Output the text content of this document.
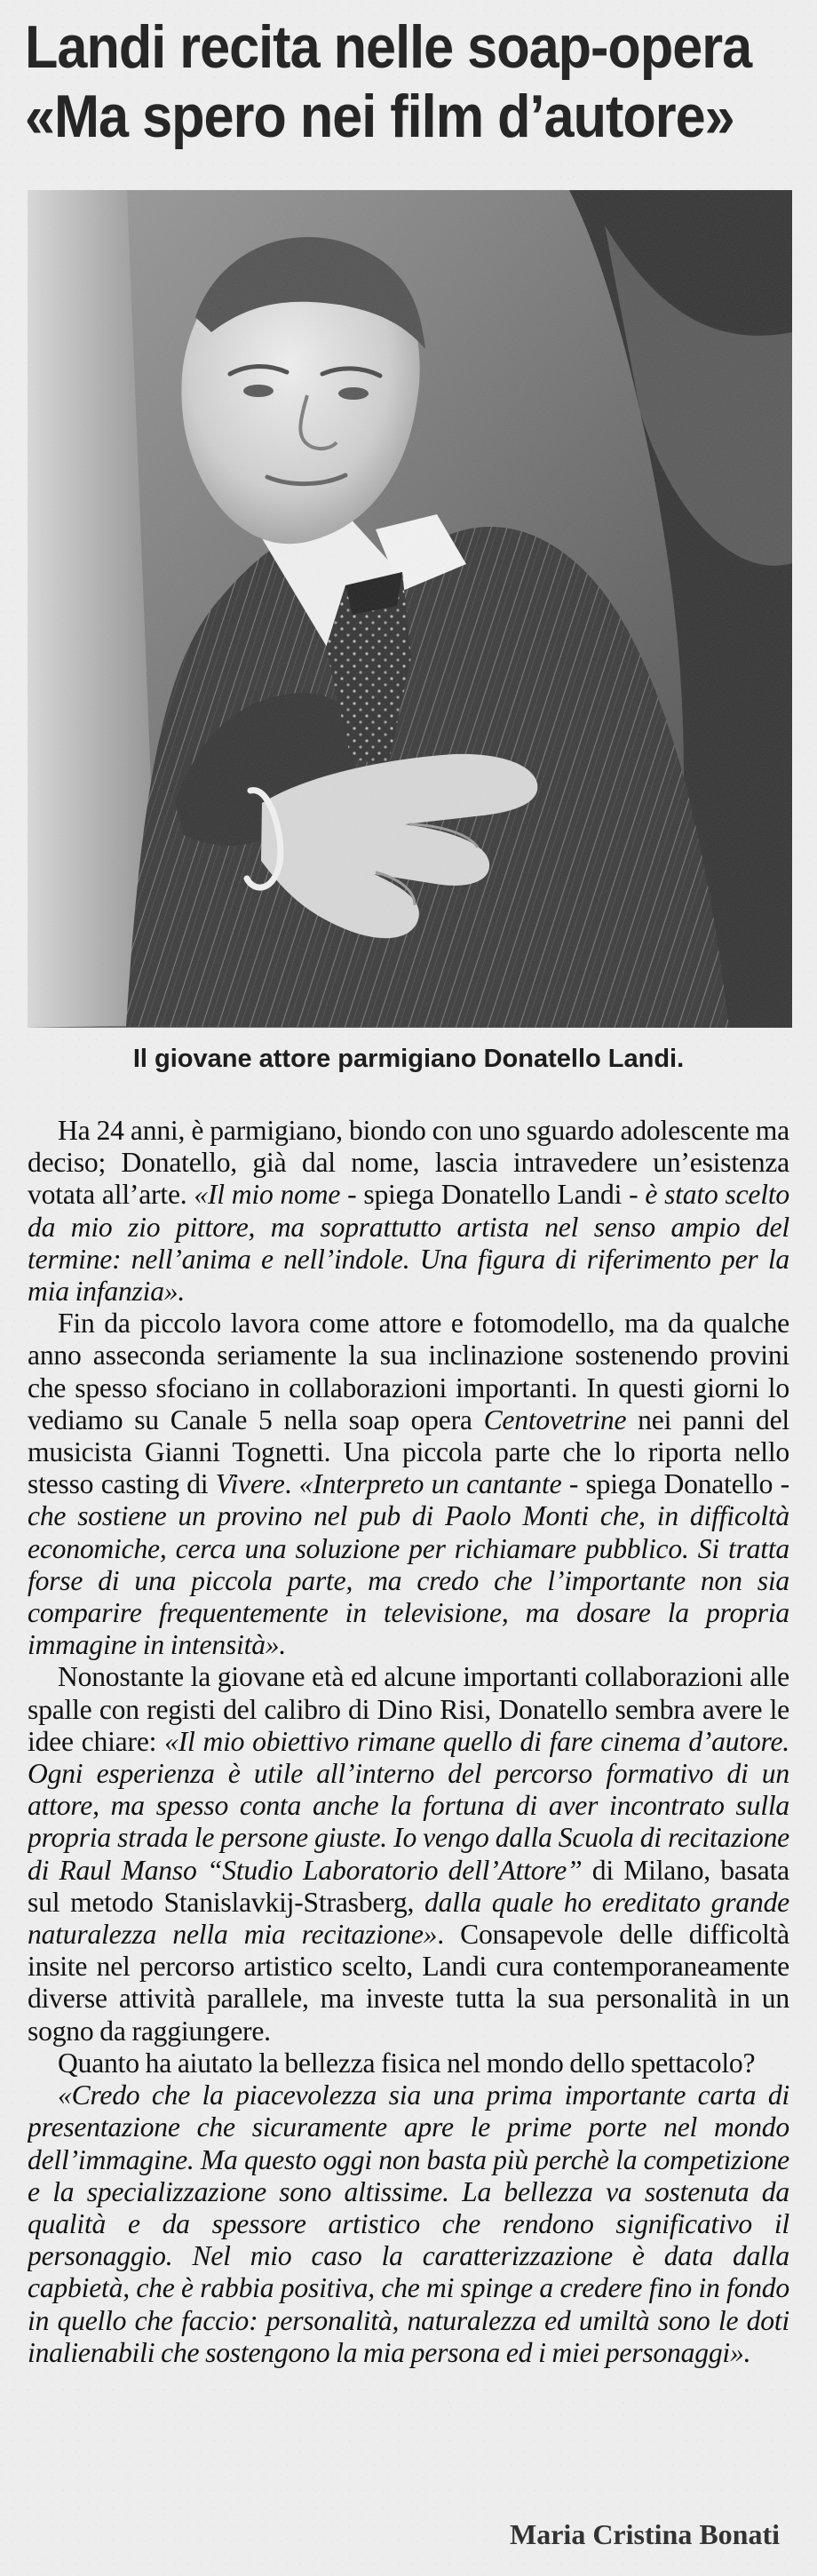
Landi recita nelle soap-opera
«Ma spero nei film d’autore»
Il giovane attore parmigiano Donatello Landi.

Ha 24 anni, è parmigiano, biondo con uno sguardo adolescente ma deciso; Donatello, già dal nome, lascia intravedere un’esistenza votata all’arte. «Il mio nome - spiega Donatello Landi - è stato scelto da mio zio pittore, ma soprattutto artista nel senso ampio del termine: nell’anima e nell’indole. Una figura di riferimento per la mia infanzia».

Fin da piccolo lavora come attore e fotomodello, ma da qualche anno asseconda seriamente la sua inclinazione sostenendo provini che spesso sfociano in collaborazioni importanti. In questi giorni lo vediamo su Canale 5 nella soap opera Centovetrine nei panni del musicista Gianni Tognetti. Una piccola parte che lo riporta nello stesso casting di Vivere. «Interpreto un cantante - spiega Donatello - che sostiene un provino nel pub di Paolo Monti che, in difficoltà economiche, cerca una soluzione per richiamare pubblico. Si tratta forse di una piccola parte, ma credo che l’importante non sia comparire frequentemente in televisione, ma dosare la propria immagine in intensità».

Nonostante la giovane età ed alcune importanti collaborazioni alle spalle con registi del calibro di Dino Risi, Donatello sembra avere le idee chiare: «Il mio obiettivo rimane quello di fare cinema d’autore. Ogni esperienza è utile all’interno del percorso formativo di un attore, ma spesso conta anche la fortuna di aver incontrato sulla propria strada le persone giuste. Io vengo dalla Scuola di recitazione di Raul Manso “Studio Laboratorio dell’Attore” di Milano, basata sul metodo Stanislavkij-Strasberg, dalla quale ho ereditato grande naturalezza nella mia recitazione». Consapevole delle difficoltà insite nel percorso artistico scelto, Landi cura contemporaneamente diverse attività parallele, ma investe tutta la sua personalità in un sogno da raggiungere.

Quanto ha aiutato la bellezza fisica nel mondo dello spettacolo?

«Credo che la piacevolezza sia una prima importante carta di presentazione che sicuramente apre le prime porte nel mondo dell’immagine. Ma questo oggi non basta più perchè la competizione e la specializzazione sono altissime. La bellezza va sostenuta da qualità e da spessore artistico che rendono significativo il personaggio. Nel mio caso la caratterizzazione è data dalla capbietà, che è rabbia positiva, che mi spinge a credere fino in fondo in quello che faccio: personalità, naturalezza ed umiltà sono le doti inalienabili che sostengono la mia persona ed i miei personaggi».

Maria Cristina Bonati
